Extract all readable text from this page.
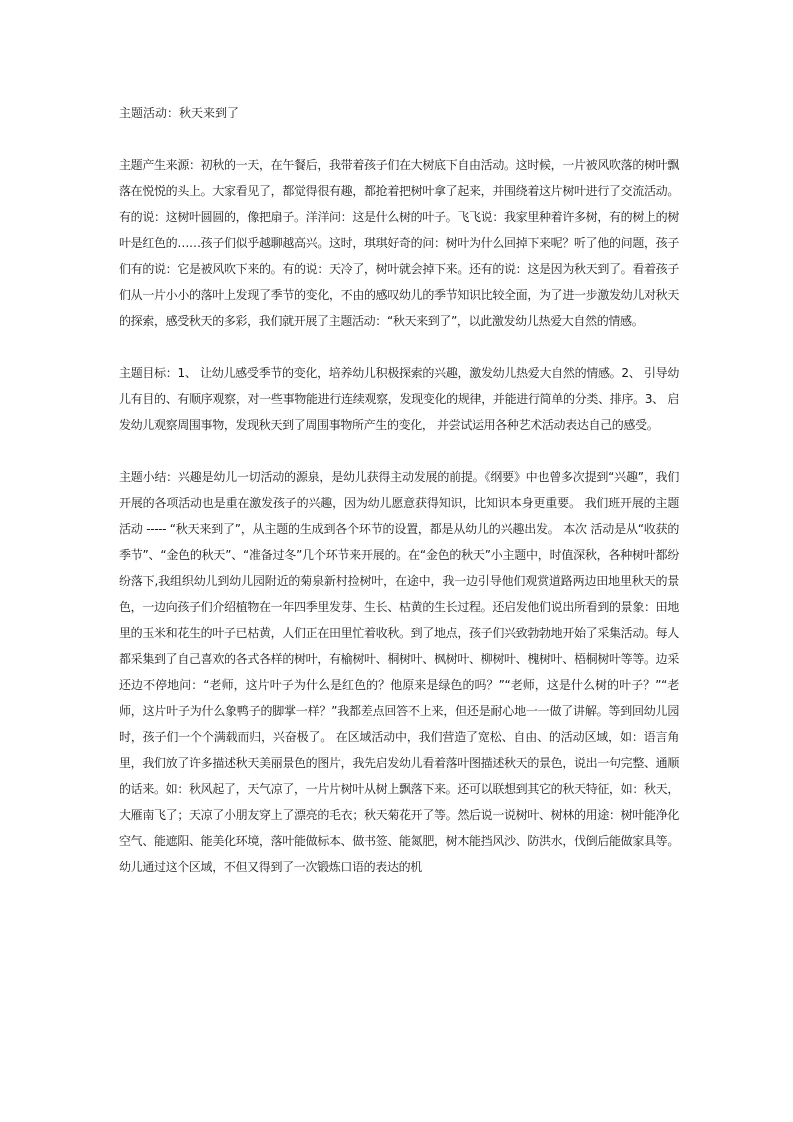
主题活动：秋天来到了

主题产生来源：初秋的一天，在午餐后，我带着孩子们在大树底下自由活动。这时候，一片被风吹落的树叶飘落在悦悦的头上。大家看见了，都觉得很有趣，都抢着把树叶拿了起来，并围绕着这片树叶进行了交流活动。有的说：这树叶圆圆的，像把扇子。洋洋问：这是什么树的叶子。飞飞说：我家里种着许多树，有的树上的树叶是红色的……孩子们似乎越聊越高兴。这时，琪琪好奇的问：树叶为什么回掉下来呢？听了他的问题，孩子们有的说：它是被风吹下来的。有的说：天冷了，树叶就会掉下来。还有的说：这是因为秋天到了。看着孩子们从一片小小的落叶上发现了季节的变化，不由的感叹幼儿的季节知识比较全面，为了进一步激发幼儿对秋天的探索，感受秋天的多彩，我们就开展了主题活动：“秋天来到了”，以此激发幼儿热爱大自然的情感。

主题目标：1、 让幼儿感受季节的变化，培养幼儿积极探索的兴趣，激发幼儿热爱大自然的情感。2、 引导幼儿有目的、有顺序观察，对一些事物能进行连续观察，发现变化的规律，并能进行简单的分类、排序。3、 启发幼儿观察周围事物，发现秋天到了周围事物所产生的变化， 并尝试运用各种艺术活动表达自己的感受。

主题小结：兴趣是幼儿一切活动的源泉，是幼儿获得主动发展的前提。《纲要》中也曾多次提到“兴趣”，我们开展的各项活动也是重在激发孩子的兴趣，因为幼儿愿意获得知识，比知识本身更重要。 我们班开展的主题活动 ----- “秋天来到了”，从主题的生成到各个环节的设置，都是从幼儿的兴趣出发。 本次 活动是从“收获的季节”、“金色的秋天”、“准备过冬”几个环节来开展的。在“金色的秋天”小主题中，时值深秋，各种树叶都纷纷落下,我组织幼儿到幼儿园附近的菊泉新村捡树叶，在途中，我一边引导他们观赏道路两边田地里秋天的景色，一边向孩子们介绍植物在一年四季里发芽、生长、枯黄的生长过程。还启发他们说出所看到的景象：田地里的玉米和花生的叶子已枯黄，人们正在田里忙着收秋。到了地点，孩子们兴致勃勃地开始了采集活动。每人都采集到了自己喜欢的各式各样的树叶，有榆树叶、桐树叶、枫树叶、柳树叶、槐树叶、梧桐树叶等等。边采还边不停地问：“老师，这片叶子为什么是红色的？他原来是绿色的吗？”“老师，这是什么树的叶子？”“老师，这片叶子为什么象鸭子的脚掌一样？”我都差点回答不上来，但还是耐心地一一做了讲解。等到回幼儿园时，孩子们一个个满载而归，兴奋极了。 在区域活动中，我们营造了宽松、自由、的活动区域，如：语言角里，我们放了许多描述秋天美丽景色的图片，我先启发幼儿看着落叶图描述秋天的景色，说出一句完整、通顺的话来。如：秋风起了，天气凉了，一片片树叶从树上飘落下来。还可以联想到其它的秋天特征，如：秋天，大雁南飞了；天凉了小朋友穿上了漂亮的毛衣；秋天菊花开了等。然后说一说树叶、树林的用途：树叶能净化空气、能遮阳、能美化环境，落叶能做标本、做书签、能氮肥，树木能挡风沙、防洪水，伐倒后能做家具等。幼儿通过这个区域，不但又得到了一次锻炼口语的表达的机
